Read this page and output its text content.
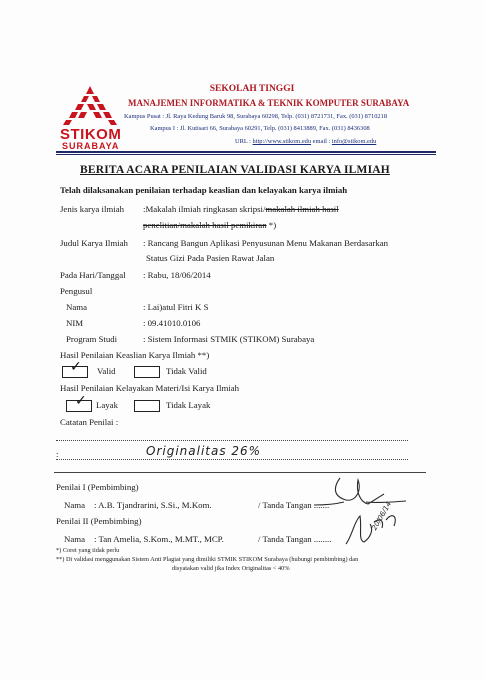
STIKOM
SURABAYA
SEKOLAH TINGGI
MANAJEMEN INFORMATIKA & TEKNIK KOMPUTER SURABAYA
Kampus Pusat : Jl. Raya Kedung Baruk 98, Surabaya 60298, Telp. (031) 8721731, Fax. (031) 8710218
Kampus I : Jl. Kutisari 66, Surabaya 60291, Telp. (031) 8413889, Fax. (031) 8436308
URL : http://www.stikom.edu email : info@stikom.edu
BERITA ACARA PENILAIAN VALIDASI KARYA ILMIAH
Telah dilaksanakan penilaian terhadap keaslian dan kelayakan karya ilmiah
Jenis karya ilmiah :Makalah ilmiah ringkasan skripsi/makalah ilmiah hasil
penelitian/makalah hasil pemikiran *)
Judul Karya Ilmiah : Rancang Bangun Aplikasi Penyusunan Menu Makanan Berdasarkan
Status Gizi Pada Pasien Rawat Jalan
Pada Hari/Tanggal : Rabu, 18/06/2014
Pengusul
Nama	: Lai)atul Fitri K S
NIM	: 09.41010.0106
Program Studi	: Sistem Informasi STMIK (STIKOM) Surabaya
Hasil Penilaian Keaslian Karya Ilmiah **)
✓ Valid	Tidak Valid
Hasil Penilaian Kelayakan Materi/Isi Karya Ilmiah
✓ Layak	Tidak Layak
Catatan Penilai :
:	Originalitas 26%
Penilai I (Pembimbing)
Nama : A.B. Tjandrarini, S.Si., M.Kom.	/ Tanda Tangan .......
Penilai II (Pembimbing)
Nama : Tan Amelia, S.Kom., M.MT., MCP.	/ Tanda Tangan ........
20/06/14
*) Coret yang tidak perlu
**) Di validasi menggunakan Sistem Anti Plagiat yang dimiliki STMIK STIKOM Surabaya (hubungi pembimbing) dan
disyatakan valid jika Index Originalitas < 40%
